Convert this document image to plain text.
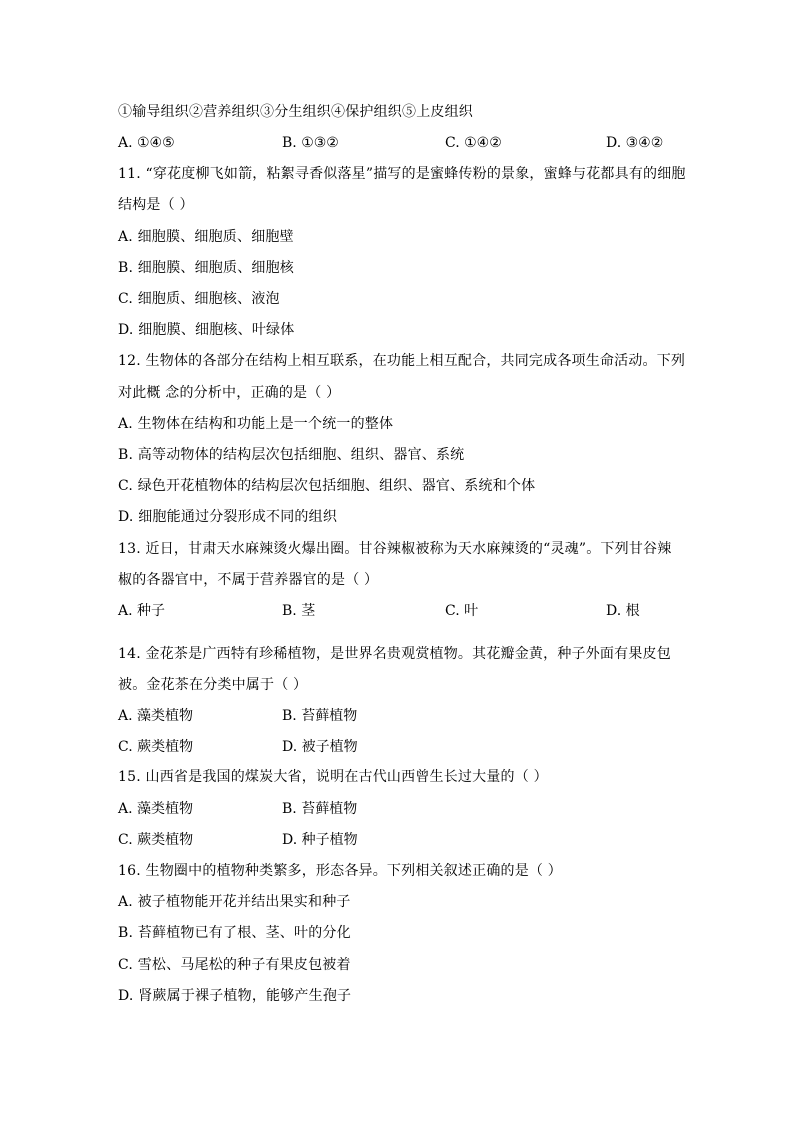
①输导组织②营养组织③分生组织④保护组织⑤上皮组织
A. ①④⑤	B. ①③②	C. ①④②	D. ③④②
11. “穿花度柳飞如箭，粘絮寻香似落星”描写的是蜜蜂传粉的景象，蜜蜂与花都具有的细胞
结构是（ ）
A. 细胞膜、细胞质、细胞壁
B. 细胞膜、细胞质、细胞核
C. 细胞质、细胞核、液泡
D. 细胞膜、细胞核、叶绿体
12. 生物体的各部分在结构上相互联系，在功能上相互配合，共同完成各项生命活动。下列
对此概 念的分析中，正确的是（ ）
A. 生物体在结构和功能上是一个统一的整体
B. 高等动物体的结构层次包括细胞、组织、器官、系统
C. 绿色开花植物体的结构层次包括细胞、组织、器官、系统和个体
D. 细胞能通过分裂形成不同的组织
13. 近日，甘肃天水麻辣烫火爆出圈。甘谷辣椒被称为天水麻辣烫的“灵魂”。下列甘谷辣
椒的各器官中，不属于营养器官的是（ ）
A. 种子	B. 茎	C. 叶	D. 根
14. 金花茶是广西特有珍稀植物，是世界名贵观赏植物。其花瓣金黄，种子外面有果皮包
被。金花茶在分类中属于（ ）
A. 藻类植物	B. 苔藓植物
C. 蕨类植物	D. 被子植物
15. 山西省是我国的煤炭大省，说明在古代山西曾生长过大量的（ ）
A. 藻类植物	B. 苔藓植物
C. 蕨类植物	D. 种子植物
16. 生物圈中的植物种类繁多，形态各异。下列相关叙述正确的是（ ）
A. 被子植物能开花并结出果实和种子
B. 苔藓植物已有了根、茎、叶的分化
C. 雪松、马尾松的种子有果皮包被着
D. 肾蕨属于裸子植物，能够产生孢子
